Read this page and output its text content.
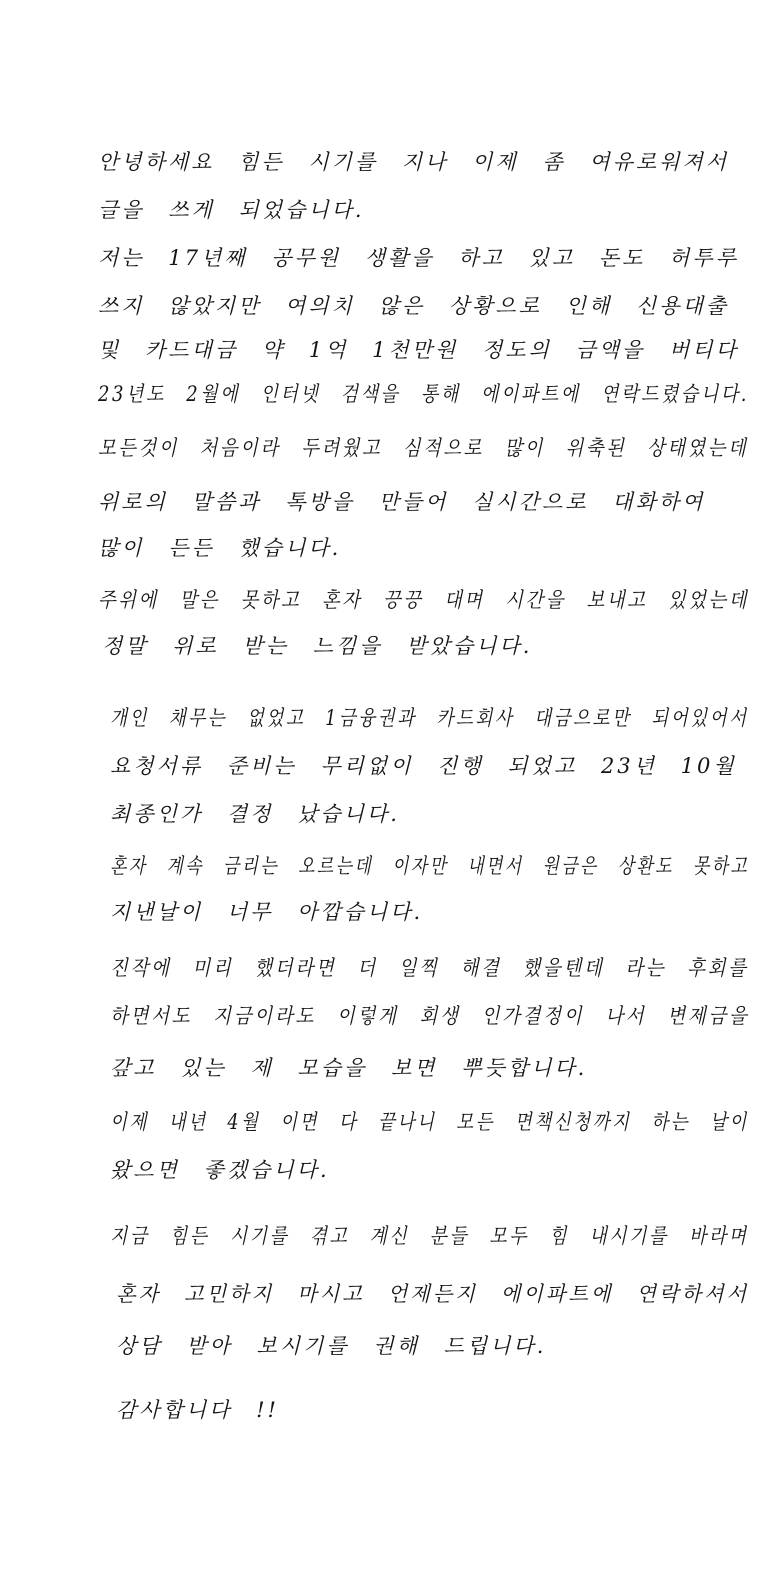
안녕하세요 힘든 시기를 지나 이제 좀 여유로워져서
글을 쓰게 되었습니다.
저는 17년째 공무원 생활을 하고 있고 돈도 허투루
쓰지 않았지만 여의치 않은 상황으로 인해 신용대출
및 카드대금 약 1억 1천만원 정도의 금액을 버티다
23년도 2월에 인터넷 검색을 통해 에이파트에 연락드렸습니다.
모든것이 처음이라 두려웠고 심적으로 많이 위축된 상태였는데
위로의 말씀과 톡방을 만들어 실시간으로 대화하여
많이 든든 했습니다.
주위에 말은 못하고 혼자 끙끙 대며 시간을 보내고 있었는데
정말 위로 받는 느낌을 받았습니다.
개인 채무는 없었고 1금융권과 카드회사 대금으로만 되어있어서
요청서류 준비는 무리없이 진행 되었고 23년 10월
최종인가 결정 났습니다.
혼자 계속 금리는 오르는데 이자만 내면서 원금은 상환도 못하고
지낸날이 너무 아깝습니다.
진작에 미리 했더라면 더 일찍 해결 했을텐데 라는 후회를
하면서도 지금이라도 이렇게 회생 인가결정이 나서 변제금을
갚고 있는 제 모습을 보면 뿌듯합니다.
이제 내년 4월 이면 다 끝나니 모든 면책신청까지 하는 날이
왔으면 좋겠습니다.
지금 힘든 시기를 겪고 계신 분들 모두 힘 내시기를 바라며
혼자 고민하지 마시고 언제든지 에이파트에 연락하셔서
상담 받아 보시기를 권해 드립니다.
감사합니다 !!
